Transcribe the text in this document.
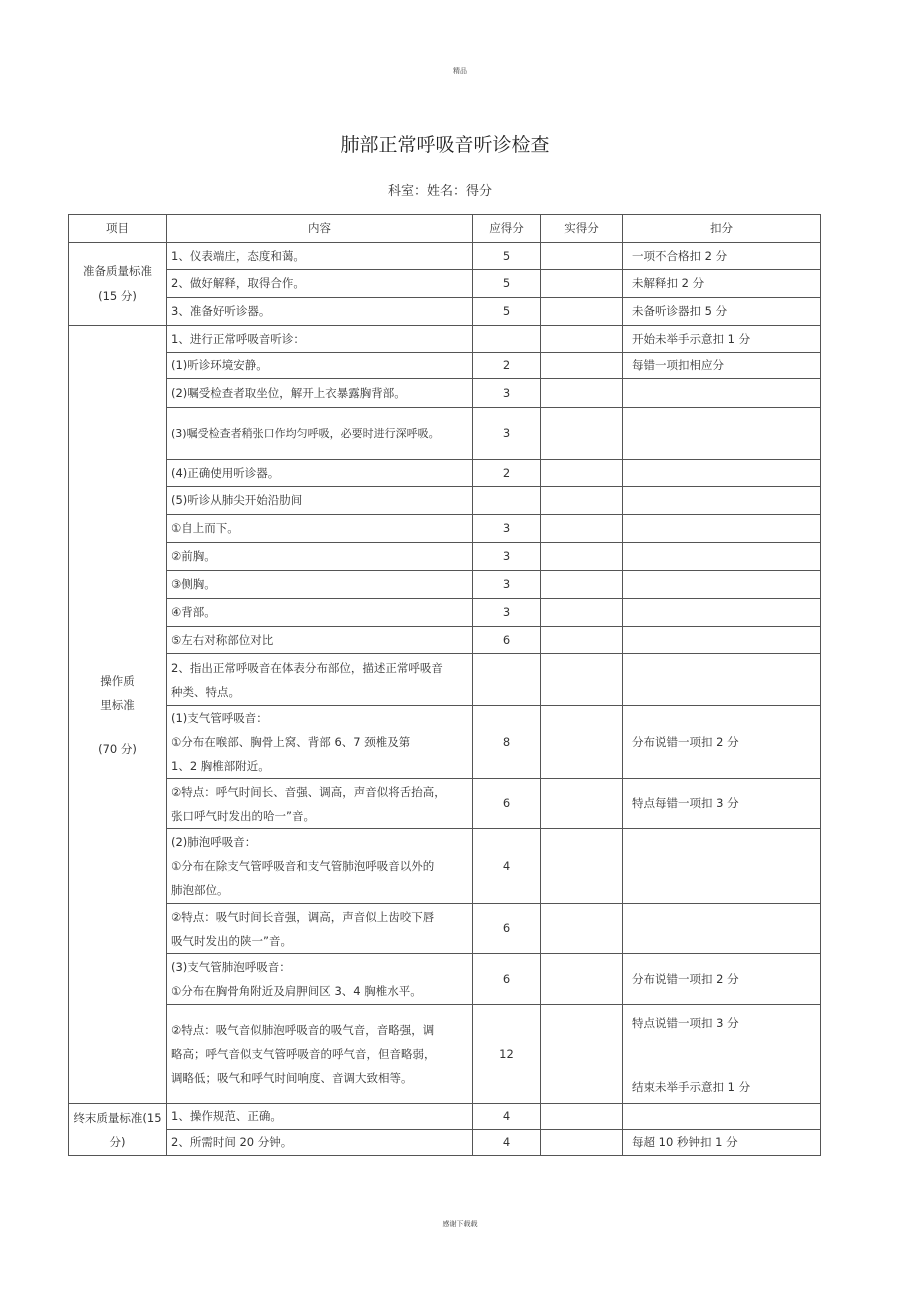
精品
肺部正常呼吸音听诊检查
科室：姓名：得分
项目	内容	应得分	实得分	扣分

准备质量标准(15 分)	1、仪表端庄，态度和蔼。	5		一项不合格扣 2 分
	2、做好解释，取得合作。	5		未解释扣 2 分
	3、准备好听诊器。	5		未备听诊器扣 5 分

操作质
里标准
(70 分)	1、进行正常呼吸音听诊：			开始未举手示意扣 1 分
	(1)听诊环境安静。	2		每错一项扣相应分
	(2)嘱受检查者取坐位，解开上衣暴露胸背部。	3		
	(3)嘱受检查者稍张口作均匀呼吸，必要时进行深呼吸。	3		
	(4)正确使用听诊器。	2		
	(5)听诊从肺尖开始沿肋间			
	①自上而下。	3		
	②前胸。	3		
	③侧胸。	3		
	④背部。	3		
	⑤左右对称部位对比	6		

	2、指出正常呼吸音在体表分布部位，描述正常呼吸音
种类、特点。			

	(1)支气管呼吸音：
①分布在喉部、胸骨上窝、背部 6、7 颈椎及第
1、2 胸椎部附近。	8		分布说错一项扣 2 分

	②特点：呼气时间长、音强、调高，声音似将舌抬高，
张口呼气时发出的哈一”音。	6		特点每错一项扣 3 分

	(2)肺泡呼吸音：
①分布在除支气管呼吸音和支气管肺泡呼吸音以外的
肺泡部位。	4		

	②特点：吸气时间长音强，调高，声音似上齿咬下唇
吸气时发出的陕一”音。	6		

	(3)支气管肺泡呼吸音：
①分布在胸骨角附近及肩胛间区 3、4 胸椎水平。	6		分布说错一项扣 2 分

	②特点：吸气音似肺泡呼吸音的吸气音，音略强，调
略高；呼气音似支气管呼吸音的呼气音，但音略弱，
调略低；吸气和呼气时间响度、音调大致相等。	12		特点说错一项扣 3 分
结束未举手示意扣 1 分

终末质量标准(15
分)	1、操作规范、正确。	4		
	2、所需时间 20 分钟。	4		每超 10 秒钟扣 1 分
感谢下载载
